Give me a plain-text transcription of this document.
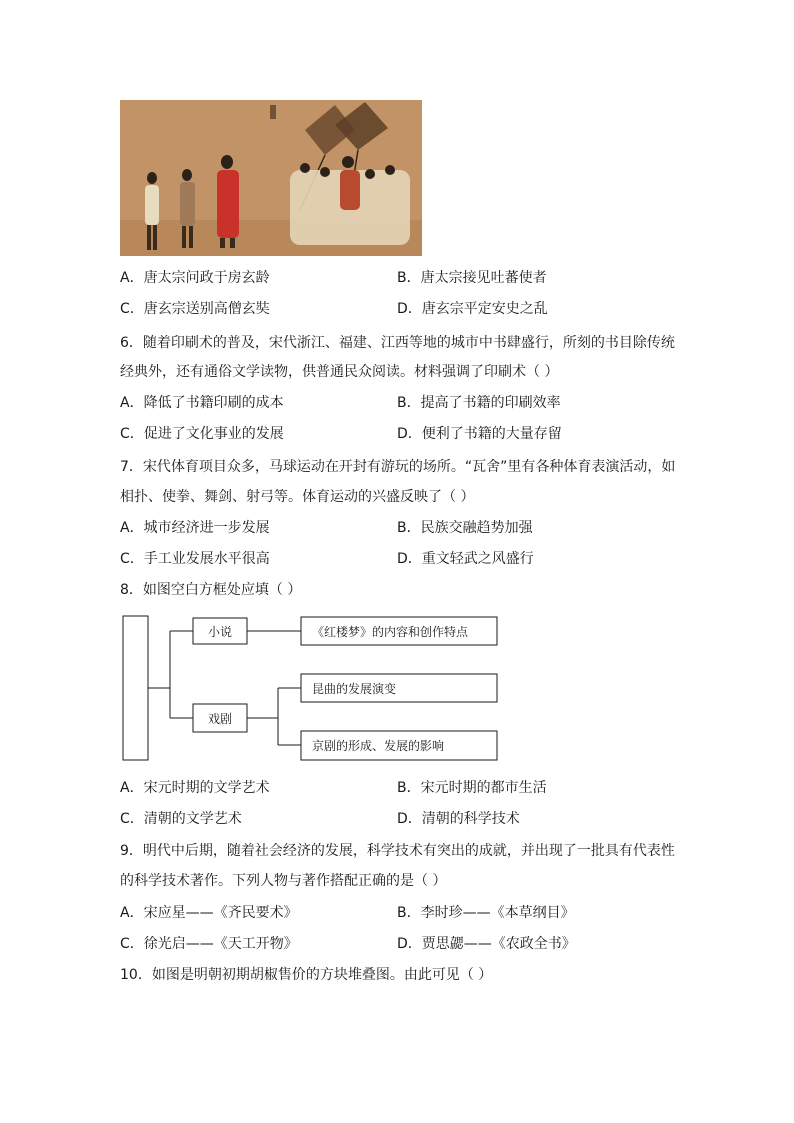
A．唐太宗问政于房玄龄	B．唐太宗接见吐蕃使者
C．唐玄宗送别高僧玄奘	D．唐玄宗平定安史之乱
6．随着印刷术的普及，宋代浙江、福建、江西等地的城市中书肆盛行，所刻的书目除传统
经典外，还有通俗文学读物，供普通民众阅读。材料强调了印刷术（ ）
A．降低了书籍印刷的成本	B．提高了书籍的印刷效率
C．促进了文化事业的发展	D．便利了书籍的大量存留
7．宋代体育项目众多，马球运动在开封有游玩的场所。“瓦舍”里有各种体育表演活动，如
相扑、使拳、舞剑、射弓等。体育运动的兴盛反映了（ ）
A．城市经济进一步发展	B．民族交融趋势加强
C．手工业发展水平很高	D．重文轻武之风盛行
8．如图空白方框处应填（ ）
小说
戏剧
《红楼梦》的内容和创作特点
昆曲的发展演变
京剧的形成、发展的影响
A．宋元时期的文学艺术	B．宋元时期的都市生活
C．清朝的文学艺术	D．清朝的科学技术
9．明代中后期，随着社会经济的发展，科学技术有突出的成就，并出现了一批具有代表性
的科学技术著作。下列人物与著作搭配正确的是（ ）
A．宋应星——《齐民要术》	B．李时珍——《本草纲目》
C．徐光启——《天工开物》	D．贾思勰——《农政全书》
10．如图是明朝初期胡椒售价的方块堆叠图。由此可见（ ）
